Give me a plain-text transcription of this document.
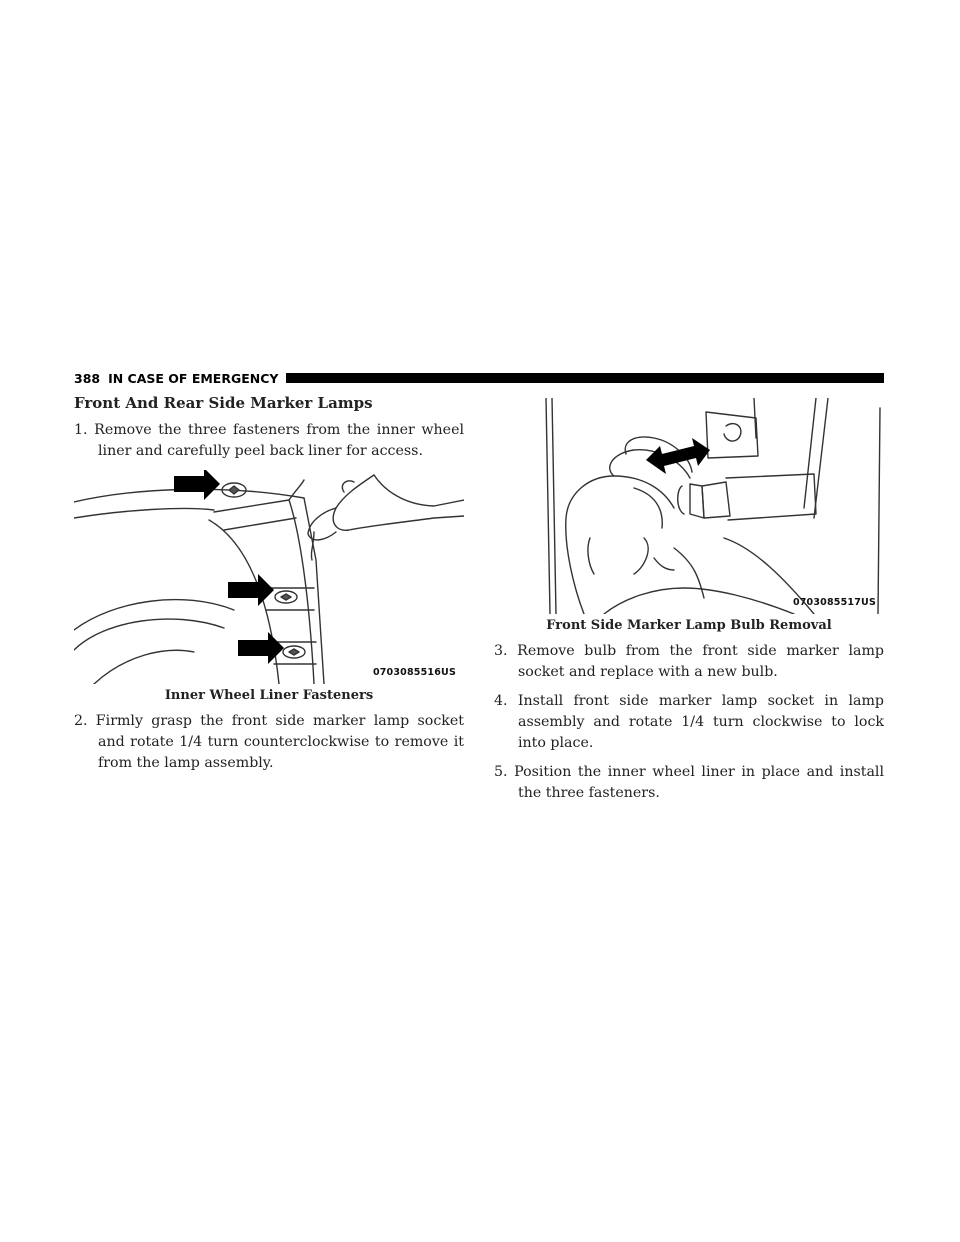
388 IN CASE OF EMERGENCY
Front And Rear Side Marker Lamps

1. Remove the three fasteners from the inner wheel liner and carefully peel back liner for access.

0703085516US
Inner Wheel Liner Fasteners

2. Firmly grasp the front side marker lamp socket and rotate 1/4 turn counterclockwise to remove it from the lamp assembly.

0703085517US
Front Side Marker Lamp Bulb Removal

3. Remove bulb from the front side marker lamp socket and replace with a new bulb.

4. Install front side marker lamp socket in lamp assembly and rotate 1/4 turn clockwise to lock into place.

5. Position the inner wheel liner in place and install the three fasteners.
